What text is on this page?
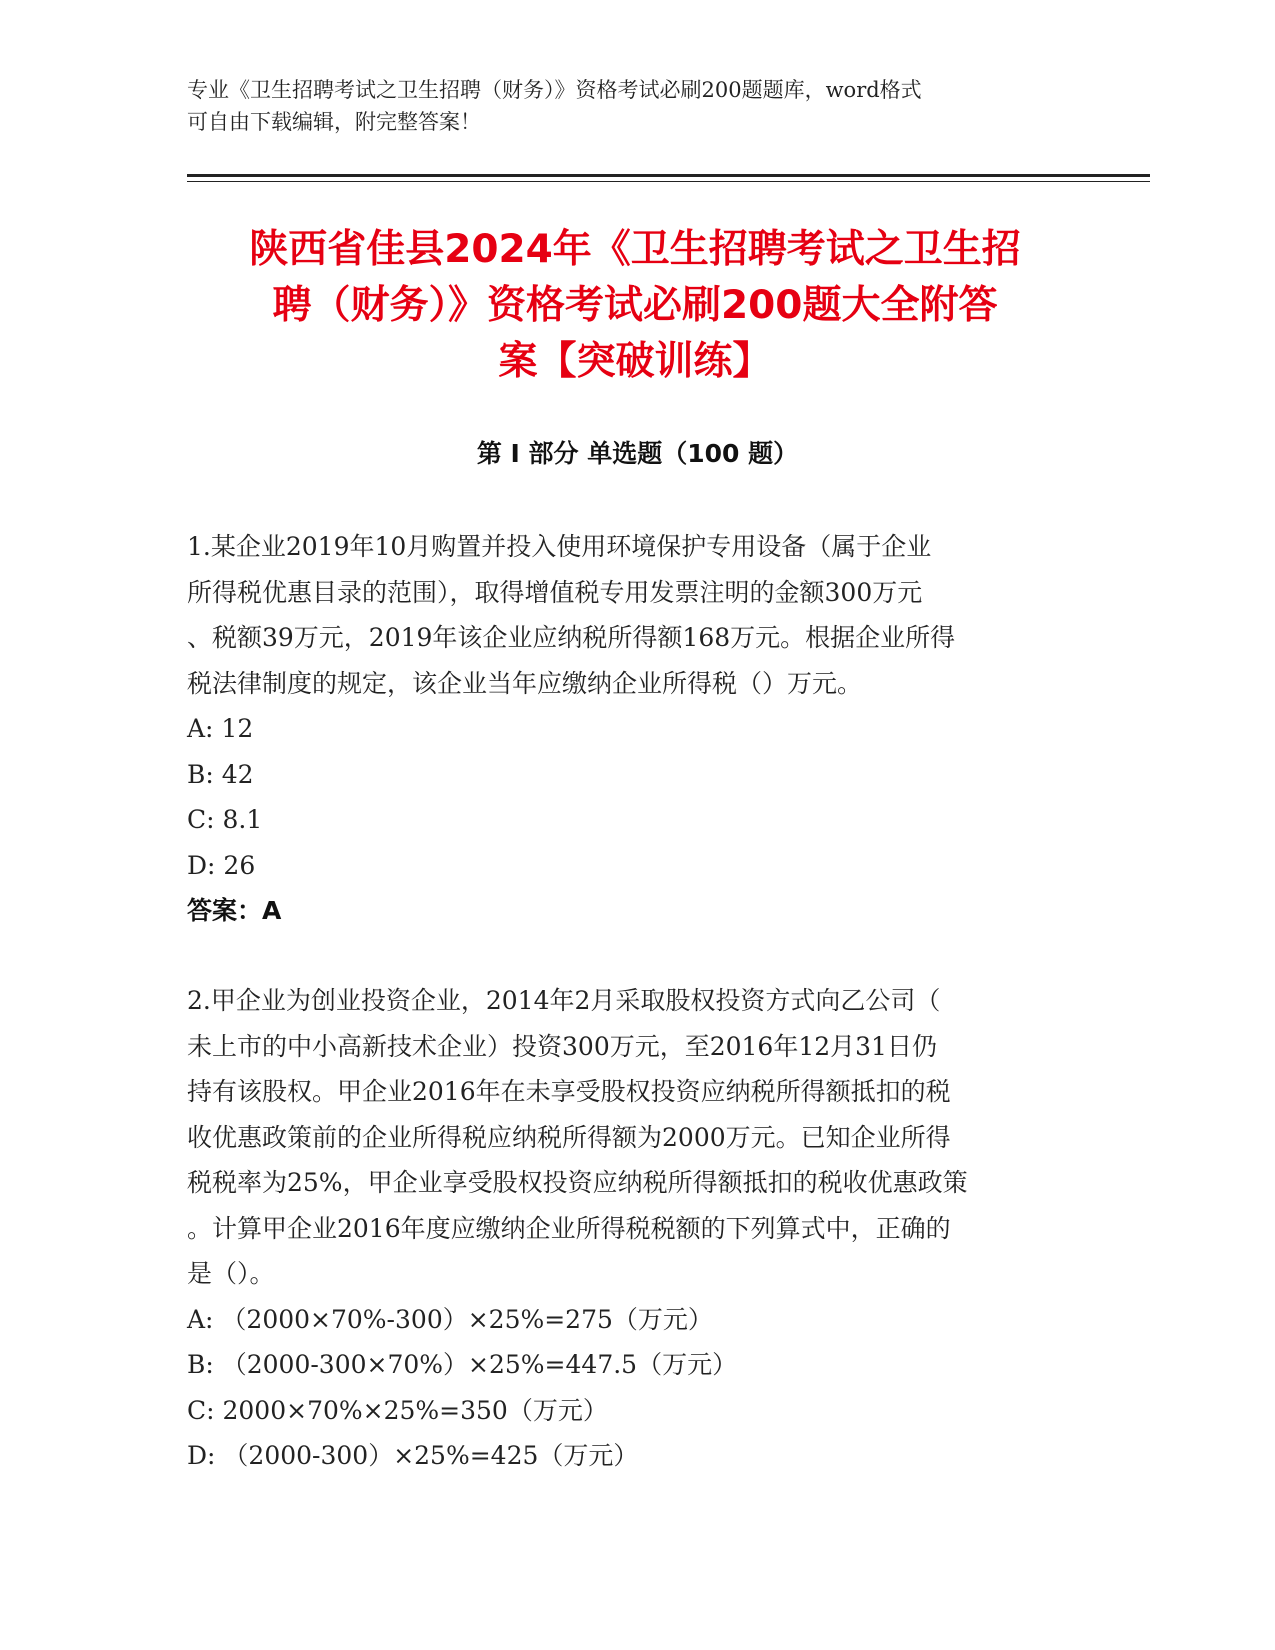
专业《卫生招聘考试之卫生招聘（财务）》资格考试必刷200题题库，word格式
可自由下载编辑，附完整答案！
陕西省佳县2024年《卫生招聘考试之卫生招
聘（财务）》资格考试必刷200题大全附答
案【突破训练】
第 I 部分 单选题（100 题）

1.某企业2019年10月购置并投入使用环境保护专用设备（属于企业

所得税优惠目录的范围），取得增值税专用发票注明的金额300万元

、税额39万元，2019年该企业应纳税所得额168万元。根据企业所得

税法律制度的规定，该企业当年应缴纳企业所得税（）万元。

A: 12

B: 42

C: 8.1

D: 26

答案：A

2.甲企业为创业投资企业，2014年2月采取股权投资方式向乙公司（

未上市的中小高新技术企业）投资300万元，至2016年12月31日仍

持有该股权。甲企业2016年在未享受股权投资应纳税所得额抵扣的税

收优惠政策前的企业所得税应纳税所得额为2000万元。已知企业所得

税税率为25%，甲企业享受股权投资应纳税所得额抵扣的税收优惠政策

。计算甲企业2016年度应缴纳企业所得税税额的下列算式中，正确的

是（）。

A: （2000×70%-300）×25%=275（万元）

B: （2000-300×70%）×25%=447.5（万元）

C: 2000×70%×25%=350（万元）

D: （2000-300）×25%=425（万元）
